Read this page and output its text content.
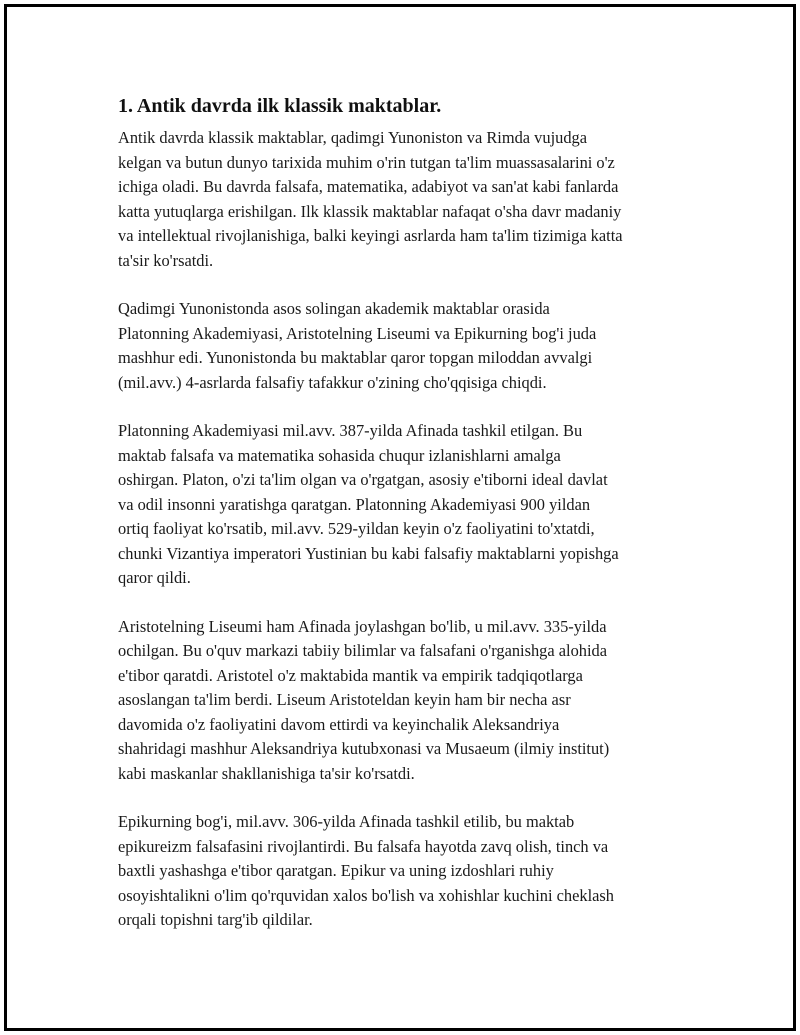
1. Antik davrda ilk klassik maktablar.

Antik davrda klassik maktablar, qadimgi Yunoniston va Rimda vujudga
kelgan va butun dunyo tarixida muhim o'rin tutgan ta'lim muassasalarini o'z
ichiga oladi. Bu davrda falsafa, matematika, adabiyot va san'at kabi fanlarda
katta yutuqlarga erishilgan. Ilk klassik maktablar nafaqat o'sha davr madaniy
va intellektual rivojlanishiga, balki keyingi asrlarda ham ta'lim tizimiga katta
ta'sir ko'rsatdi.

Qadimgi Yunonistonda asos solingan akademik maktablar orasida
Platonning Akademiyasi, Aristotelning Liseumi va Epikurning bog'i juda
mashhur edi. Yunonistonda bu maktablar qaror topgan miloddan avvalgi
(mil.avv.) 4-asrlarda falsafiy tafakkur o'zining cho'qqisiga chiqdi.

Platonning Akademiyasi mil.avv. 387-yilda Afinada tashkil etilgan. Bu
maktab falsafa va matematika sohasida chuqur izlanishlarni amalga
oshirgan. Platon, o'zi ta'lim olgan va o'rgatgan, asosiy e'tiborni ideal davlat
va odil insonni yaratishga qaratgan. Platonning Akademiyasi 900 yildan
ortiq faoliyat ko'rsatib, mil.avv. 529-yildan keyin o'z faoliyatini to'xtatdi,
chunki Vizantiya imperatori Yustinian bu kabi falsafiy maktablarni yopishga
qaror qildi.

Aristotelning Liseumi ham Afinada joylashgan bo'lib, u mil.avv. 335-yilda
ochilgan. Bu o'quv markazi tabiiy bilimlar va falsafani o'rganishga alohida
e'tibor qaratdi. Aristotel o'z maktabida mantik va empirik tadqiqotlarga
asoslangan ta'lim berdi. Liseum Aristoteldan keyin ham bir necha asr
davomida o'z faoliyatini davom ettirdi va keyinchalik Aleksandriya
shahridagi mashhur Aleksandriya kutubxonasi va Musaeum (ilmiy institut)
kabi maskanlar shakllanishiga ta'sir ko'rsatdi.

Epikurning bog'i, mil.avv. 306-yilda Afinada tashkil etilib, bu maktab
epikureizm falsafasini rivojlantirdi. Bu falsafa hayotda zavq olish, tinch va
baxtli yashashga e'tibor qaratgan. Epikur va uning izdoshlari ruhiy
osoyishtalikni o'lim qo'rquvidan xalos bo'lish va xohishlar kuchini cheklash
orqali topishni targ'ib qildilar.
